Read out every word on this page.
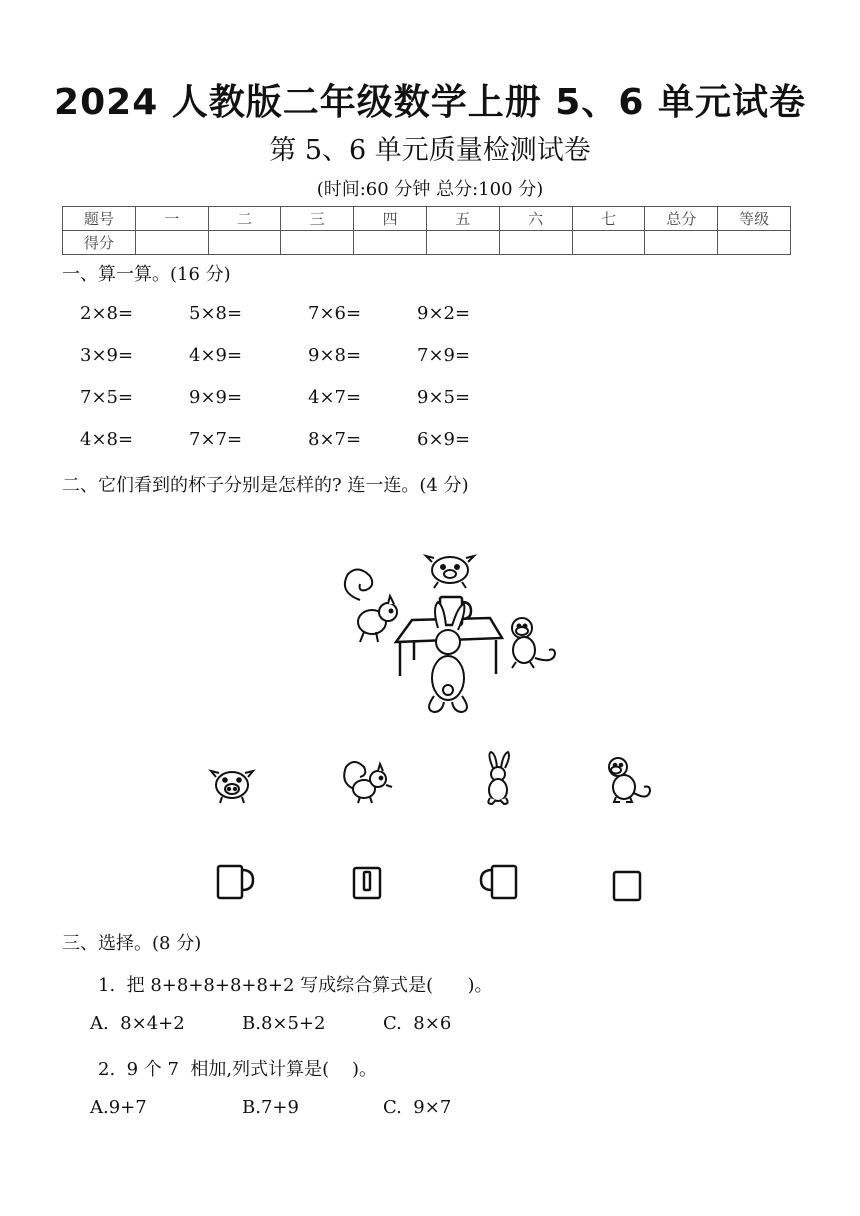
2024 人教版二年级数学上册 5、6 单元试卷
第 5、6 单元质量检测试卷
(时间:60 分钟 总分:100 分)
题号	一	二	三	四	五	六	七	总分	等级
得分									
一、算一算。(16 分)
2×8=	5×8=	7×6=	9×2=
3×9=	4×9=	9×8=	7×9=
7×5=	9×9=	4×7=	9×5=
4×8=	7×7=	8×7=	6×9=
二、它们看到的杯子分别是怎样的? 连一连。(4 分)
三、选择。(8 分)
1.  把 8+8+8+8+8+2 写成综合算式是(      )。
A.  8×4+2	B.8×5+2	C.  8×6
2.  9 个 7  相加,列式计算是(    )。
A.9+7	B.7+9	C.  9×7
